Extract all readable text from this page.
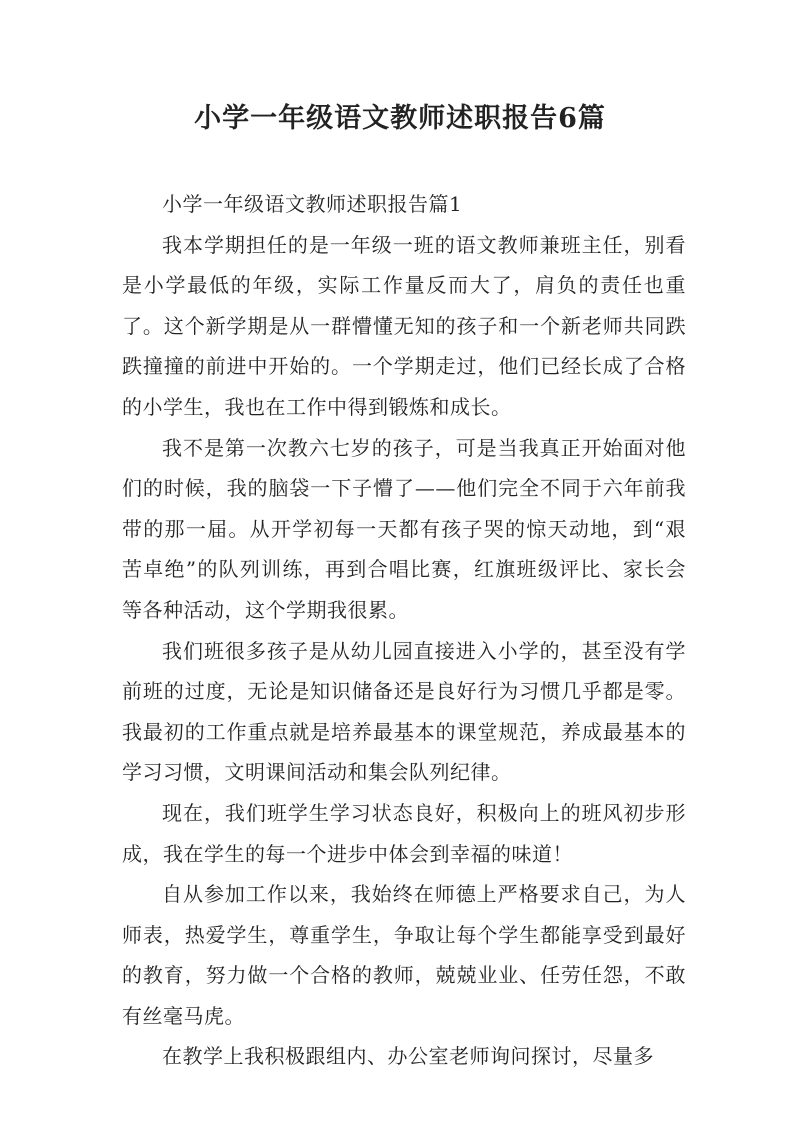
小学一年级语文教师述职报告6篇

小学一年级语文教师述职报告篇1

我本学期担任的是一年级一班的语文教师兼班主任，别看是小学最低的年级，实际工作量反而大了，肩负的责任也重了。这个新学期是从一群懵懂无知的孩子和一个新老师共同跌跌撞撞的前进中开始的。一个学期走过，他们已经长成了合格的小学生，我也在工作中得到锻炼和成长。

我不是第一次教六七岁的孩子，可是当我真正开始面对他们的时候，我的脑袋一下子懵了——他们完全不同于六年前我带的那一届。从开学初每一天都有孩子哭的惊天动地，到“艰苦卓绝”的队列训练，再到合唱比赛，红旗班级评比、家长会等各种活动，这个学期我很累。

我们班很多孩子是从幼儿园直接进入小学的，甚至没有学前班的过度，无论是知识储备还是良好行为习惯几乎都是零。我最初的工作重点就是培养最基本的课堂规范，养成最基本的学习习惯，文明课间活动和集会队列纪律。

现在，我们班学生学习状态良好，积极向上的班风初步形成，我在学生的每一个进步中体会到幸福的味道！

自从参加工作以来，我始终在师德上严格要求自己，为人师表，热爱学生，尊重学生，争取让每个学生都能享受到最好的教育，努力做一个合格的教师，兢兢业业、任劳任怨，不敢有丝毫马虎。

在教学上我积极跟组内、办公室老师询问探讨，尽量多
